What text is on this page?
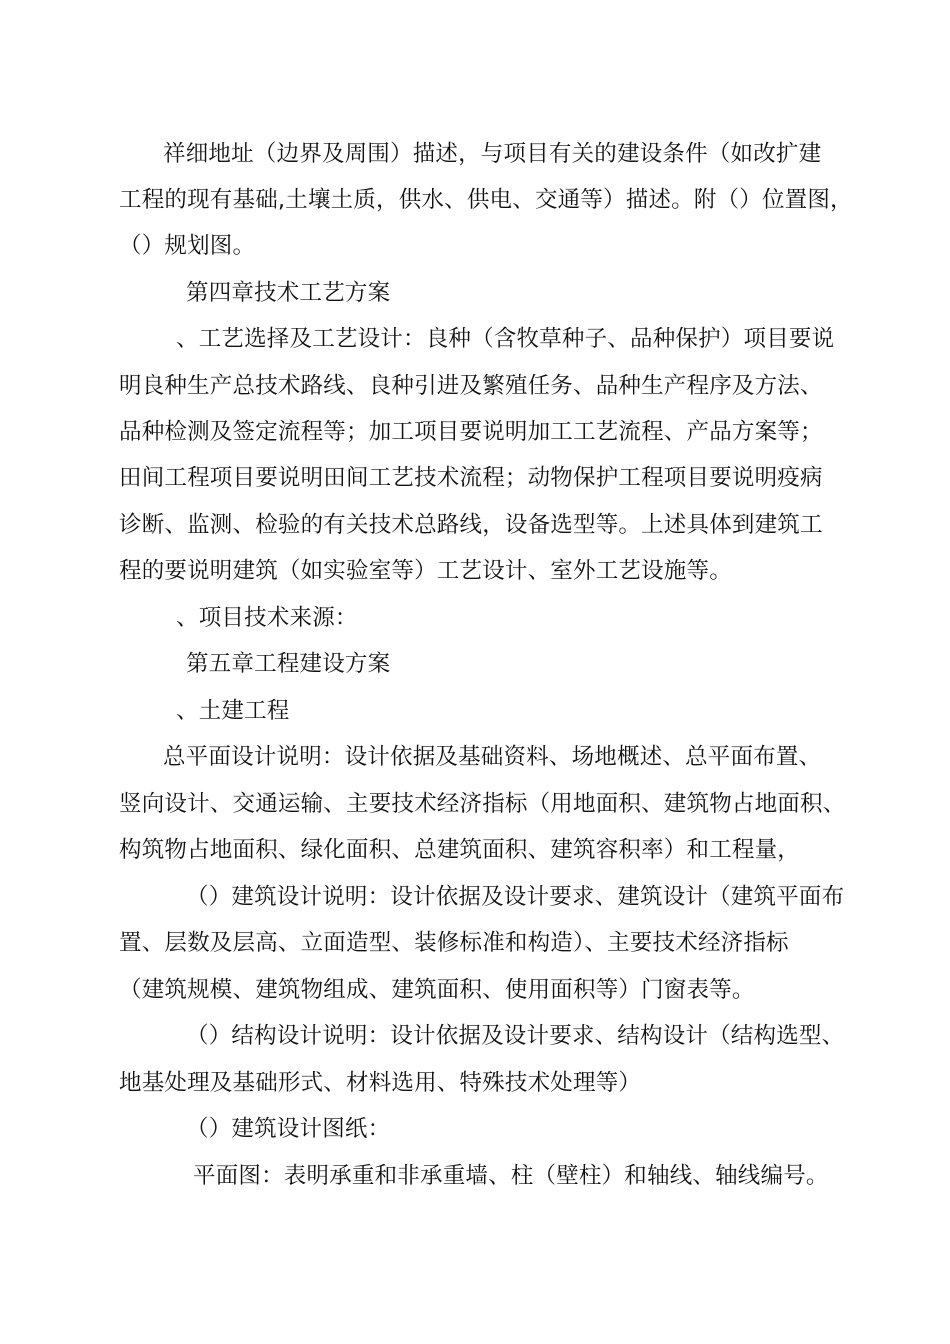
祥细地址（边界及周围）描述，与项目有关的建设条件（如改扩建
工程的现有基础,土壤土质，供水、供电、交通等）描述。附（）位置图，
（）规划图。
第四章技术工艺方案
、工艺选择及工艺设计：良种（含牧草种子、品种保护）项目要说
明良种生产总技术路线、良种引进及繁殖任务、品种生产程序及方法、
品种检测及签定流程等；加工项目要说明加工工艺流程、产品方案等；
田间工程项目要说明田间工艺技术流程；动物保护工程项目要说明疫病
诊断、监测、检验的有关技术总路线，设备选型等。上述具体到建筑工
程的要说明建筑（如实验室等）工艺设计、室外工艺设施等。
、项目技术来源：
第五章工程建设方案
、土建工程
总平面设计说明：设计依据及基础资料、场地概述、总平面布置、
竖向设计、交通运输、主要技术经济指标（用地面积、建筑物占地面积、
构筑物占地面积、绿化面积、总建筑面积、建筑容积率）和工程量，
（）建筑设计说明：设计依据及设计要求、建筑设计（建筑平面布
置、层数及层高、立面造型、装修标准和构造）、主要技术经济指标
（建筑规模、建筑物组成、建筑面积、使用面积等）门窗表等。
（）结构设计说明：设计依据及设计要求、结构设计（结构选型、
地基处理及基础形式、材料选用、特殊技术处理等）
（）建筑设计图纸：
平面图：表明承重和非承重墙、柱（壁柱）和轴线、轴线编号。
